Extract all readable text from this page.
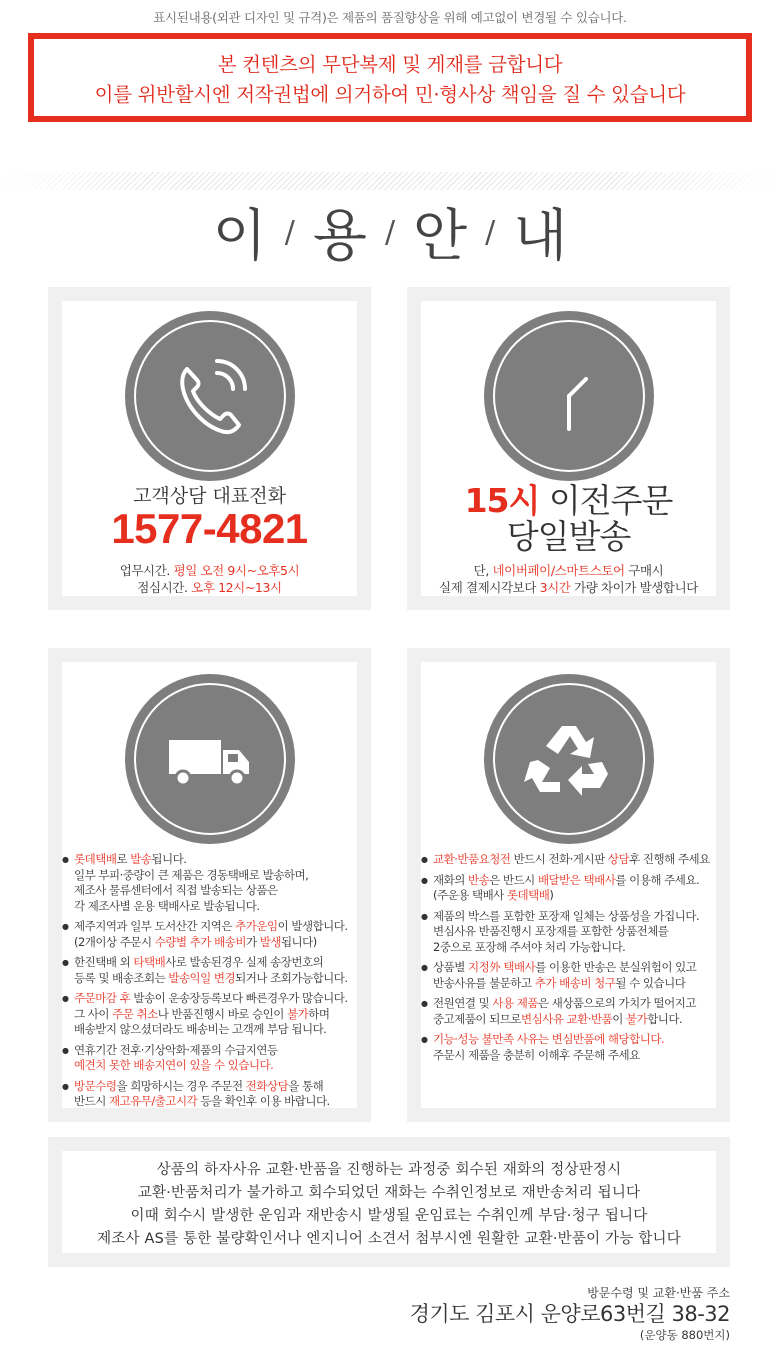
표시된내용(외관 디자인 및 규격)은 제품의 품질향상을 위해 예고없이 변경될 수 있습니다.
본 컨텐츠의 무단복제 및 게재를 금합니다
이를 위반할시엔 저작권법에 의거하여 민·형사상 책임을 질 수 있습니다
이 / 용 / 안 / 내
고객상담 대표전화
1577-4821
업무시간. 평일 오전 9시~오후5시
점심시간. 오후 12시~13시
15시 이전주문
당일발송
단, 네이버페이/스마트스토어 구매시
실제 결제시각보다 3시간 가량 차이가 발생합니다
● 롯데택배로 발송됩니다.
일부 부피·중량이 큰 제품은 경동택배로 발송하며,
제조사 물류센터에서 직접 발송되는 상품은
각 제조사별 운용 택배사로 발송됩니다.
● 제주지역과 일부 도서산간 지역은 추가운임이 발생합니다.
(2개이상 주문시 수량별 추가 배송비가 발생됩니다)
● 한진택배 외 타택배사로 발송된경우 실제 송장번호의
등록 및 배송조회는 발송익일 변경되거나 조회가능합니다.
● 주문마감 후 발송이 운송장등록보다 빠른경우가 많습니다.
그 사이 주문 취소나 반품진행시 바로 승인이 불가하며
배송받지 않으셨더라도 배송비는 고객께 부담 됩니다.
● 연휴기간 전후·기상악화·제품의 수급지연등
예견치 못한 배송지연이 있을 수 있습니다.
● 방문수령을 희망하시는 경우 주문전 전화상담을 통해
반드시 재고유무/출고시각 등을 확인후 이용 바랍니다.
● 교환·반품요청전 반드시 전화·게시판 상담후 진행해 주세요
● 재화의 반송은 반드시 배달받은 택배사를 이용해 주세요.
(주운용 택배사 롯데택배)
● 제품의 박스를 포함한 포장재 일체는 상품성을 가집니다.
변심사유 반품진행시 포장재를 포함한 상품전체를
2중으로 포장해 주셔야 처리 가능합니다.
● 상품별 지정外 택배사를 이용한 반송은 분실위험이 있고
반송사유를 불문하고 추가 배송비 청구될 수 있습니다
● 전원연결 및 사용 제품은 새상품으로의 가치가 떨어지고
중고제품이 되므로변심사유 교환·반품이 불가합니다.
● 기능·성능 불만족 사유는 변심반품에 해당합니다.
주문시 제품을 충분히 이해후 주문해 주세요
상품의 하자사유 교환·반품을 진행하는 과정중 회수된 재화의 정상판정시
교환·반품처리가 불가하고 회수되었던 재화는 수취인정보로 재반송처리 됩니다
이때 회수시 발생한 운임과 재반송시 발생될 운임료는 수취인께 부담·청구 됩니다
제조사 AS를 통한 불량확인서나 엔지니어 소견서 첨부시엔 원활한 교환·반품이 가능 합니다
방문수령 및 교환·반품 주소
경기도 김포시 운양로63번길 38-32
(운양동 880번지)
